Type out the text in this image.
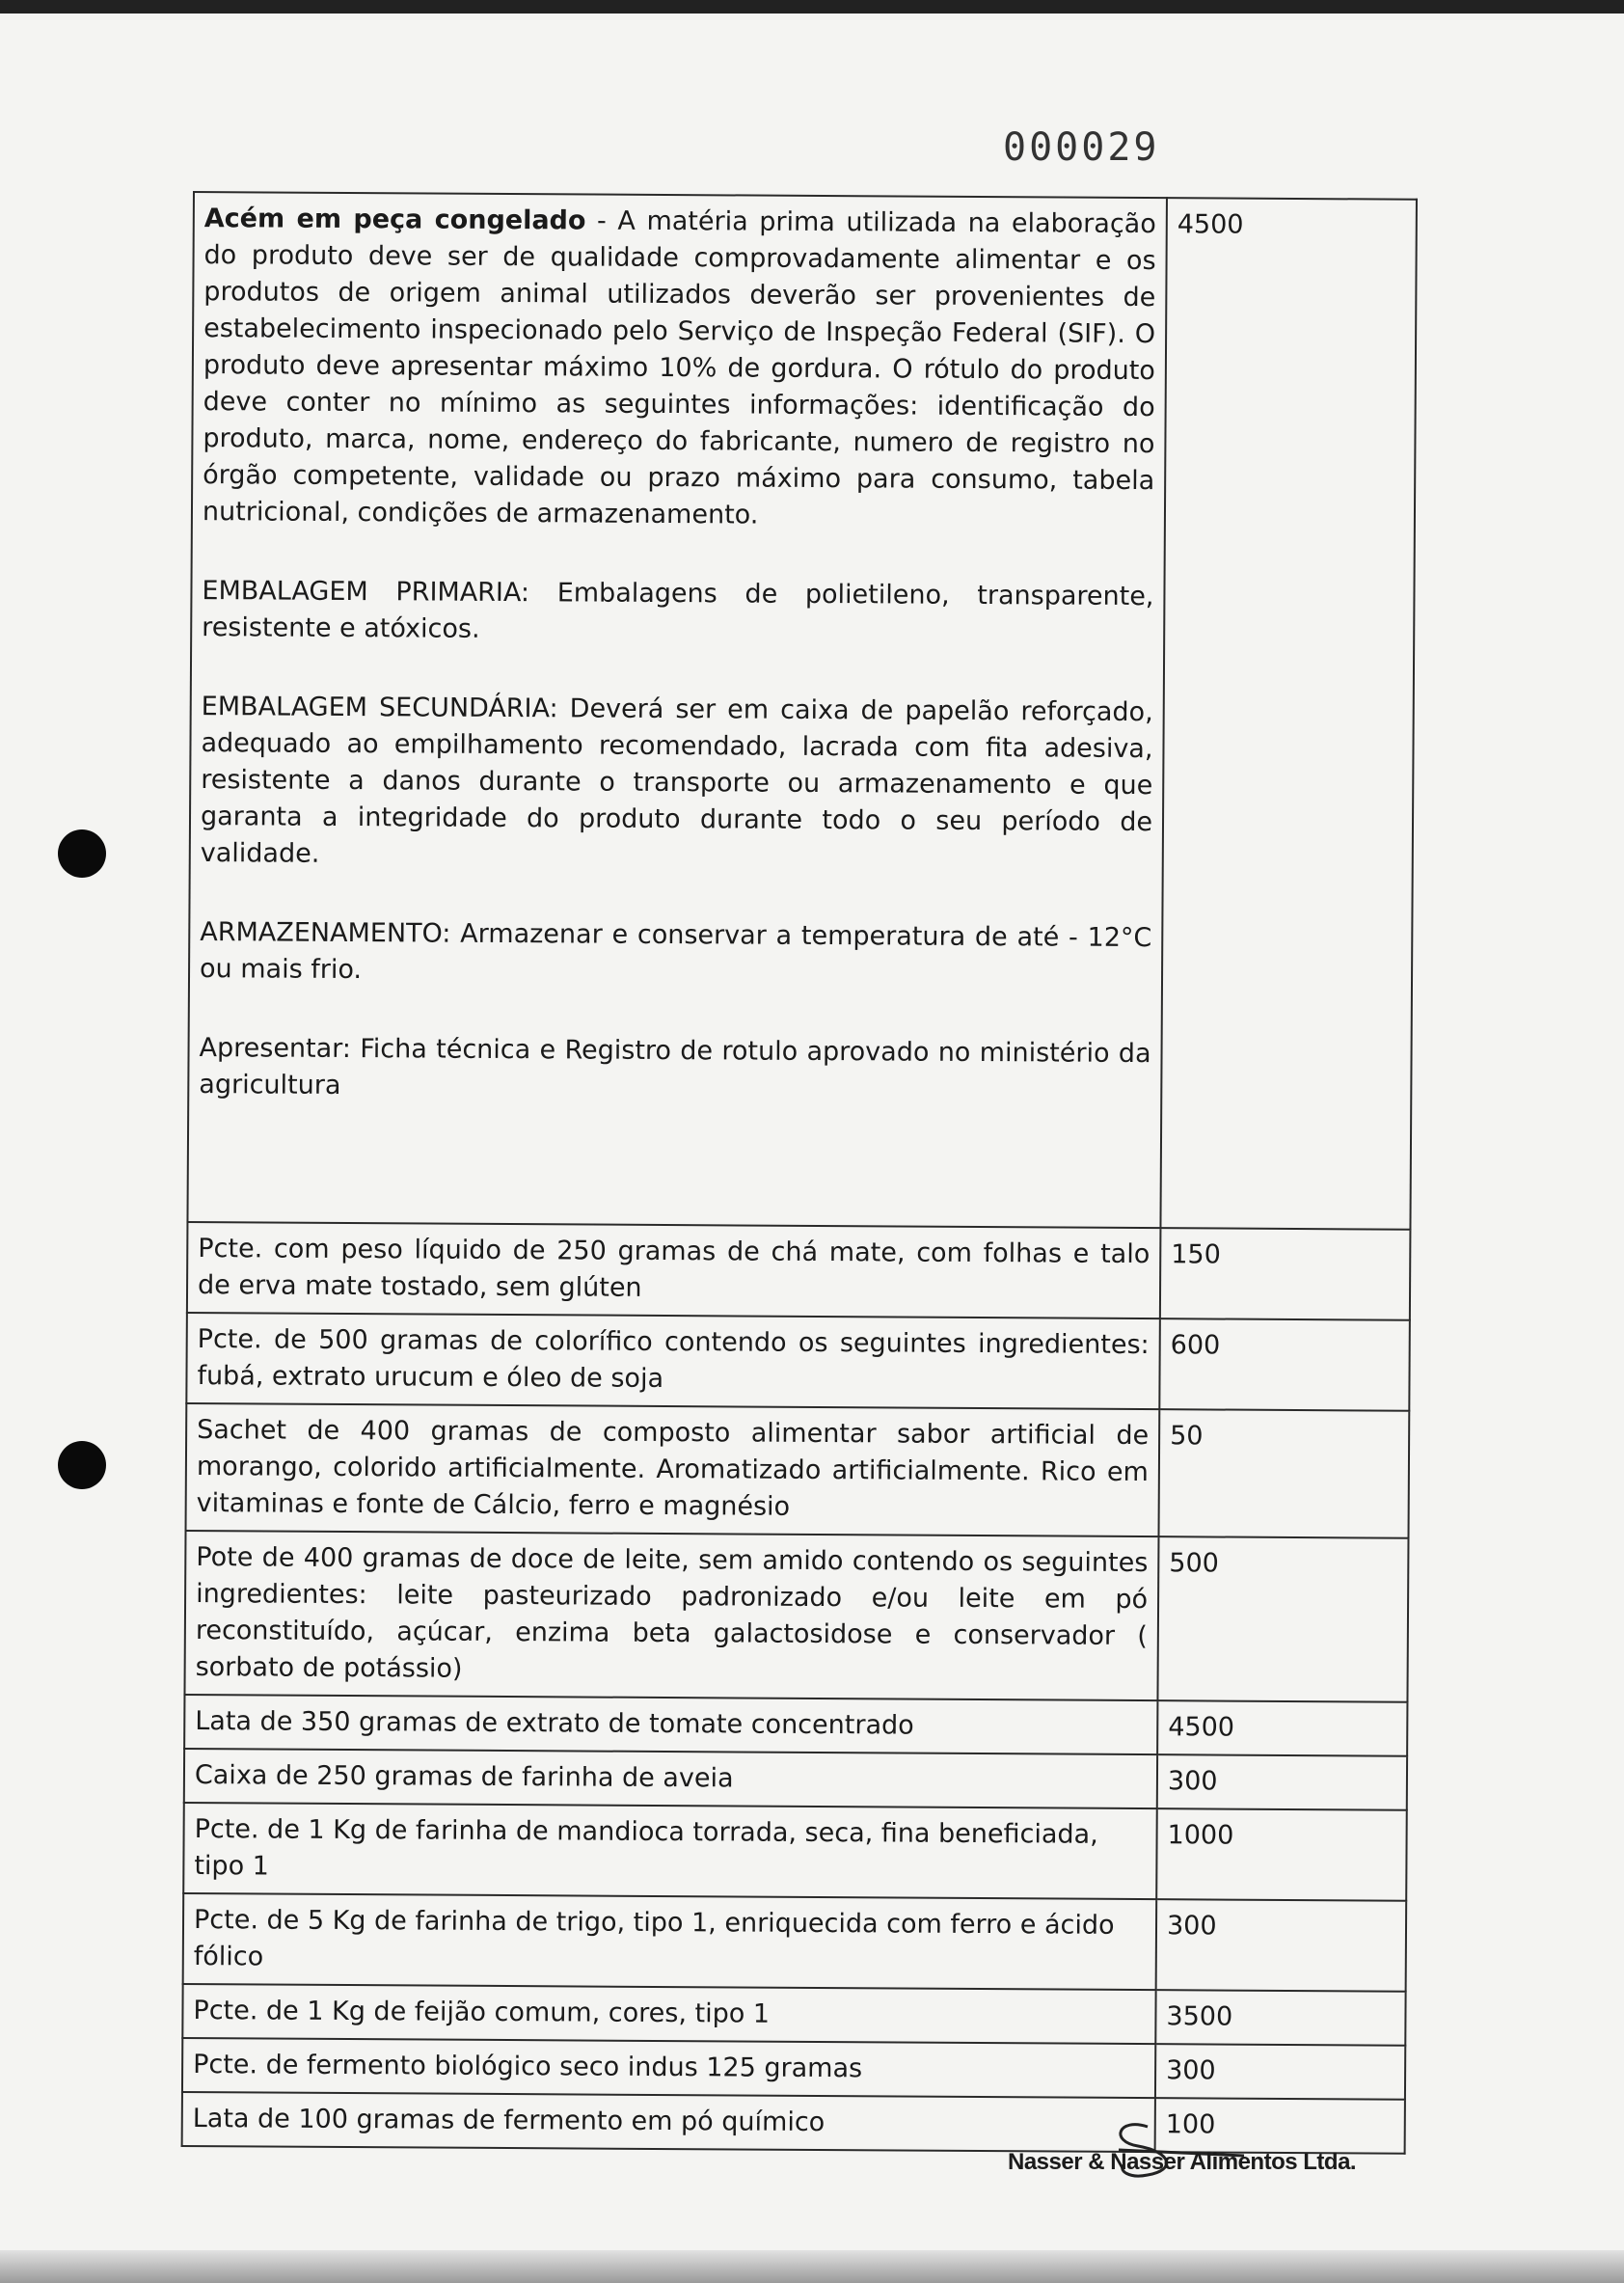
000029

Acém em peça congelado - A matéria prima utilizada na elaboração do produto deve ser de qualidade comprovadamente alimentar e os produtos de origem animal utilizados deverão ser provenientes de estabelecimento inspecionado pelo Serviço de Inspeção Federal (SIF). O produto deve apresentar máximo 10% de gordura. O rótulo do produto deve conter no mínimo as seguintes informações: identificação do produto, marca, nome, endereço do fabricante, numero de registro no órgão competente, validade ou prazo máximo para consumo, tabela nutricional, condições de armazenamento.

EMBALAGEM PRIMARIA: Embalagens de polietileno, transparente, resistente e atóxicos.

EMBALAGEM SECUNDÁRIA: Deverá ser em caixa de papelão reforçado, adequado ao empilhamento recomendado, lacrada com fita adesiva, resistente a danos durante o transporte ou armazenamento e que garanta a integridade do produto durante todo o seu período de validade.

ARMAZENAMENTO: Armazenar e conservar a temperatura de até - 12°C ou mais frio.

Apresentar: Ficha técnica e Registro de rotulo aprovado no ministério da agricultura	4500
Pcte. com peso líquido de 250 gramas de chá mate, com folhas e talo de erva mate tostado, sem glúten	150
Pcte. de 500 gramas de colorífico contendo os seguintes ingredientes: fubá, extrato urucum e óleo de soja	600
Sachet de 400 gramas de composto alimentar sabor artificial de morango, colorido artificialmente. Aromatizado artificialmente. Rico em vitaminas e fonte de Cálcio, ferro e magnésio	50
Pote de 400 gramas de doce de leite, sem amido contendo os seguintes ingredientes: leite pasteurizado padronizado e/ou leite em pó reconstituído, açúcar, enzima beta galactosidose e conservador ( sorbato de potássio)	500
Lata de 350 gramas de extrato de tomate concentrado	4500
Caixa de 250 gramas de farinha de aveia	300
Pcte. de 1 Kg de farinha de mandioca torrada, seca, fina beneficiada, tipo 1	1000
Pcte. de 5 Kg de farinha de trigo, tipo 1, enriquecida com ferro e ácido fólico	300
Pcte. de 1 Kg de feijão comum, cores, tipo 1	3500
Pcte. de fermento biológico seco indus 125 gramas	300
Lata de 100 gramas de fermento em pó químico	100
Nasser & Nasser Alimentos Ltda.
